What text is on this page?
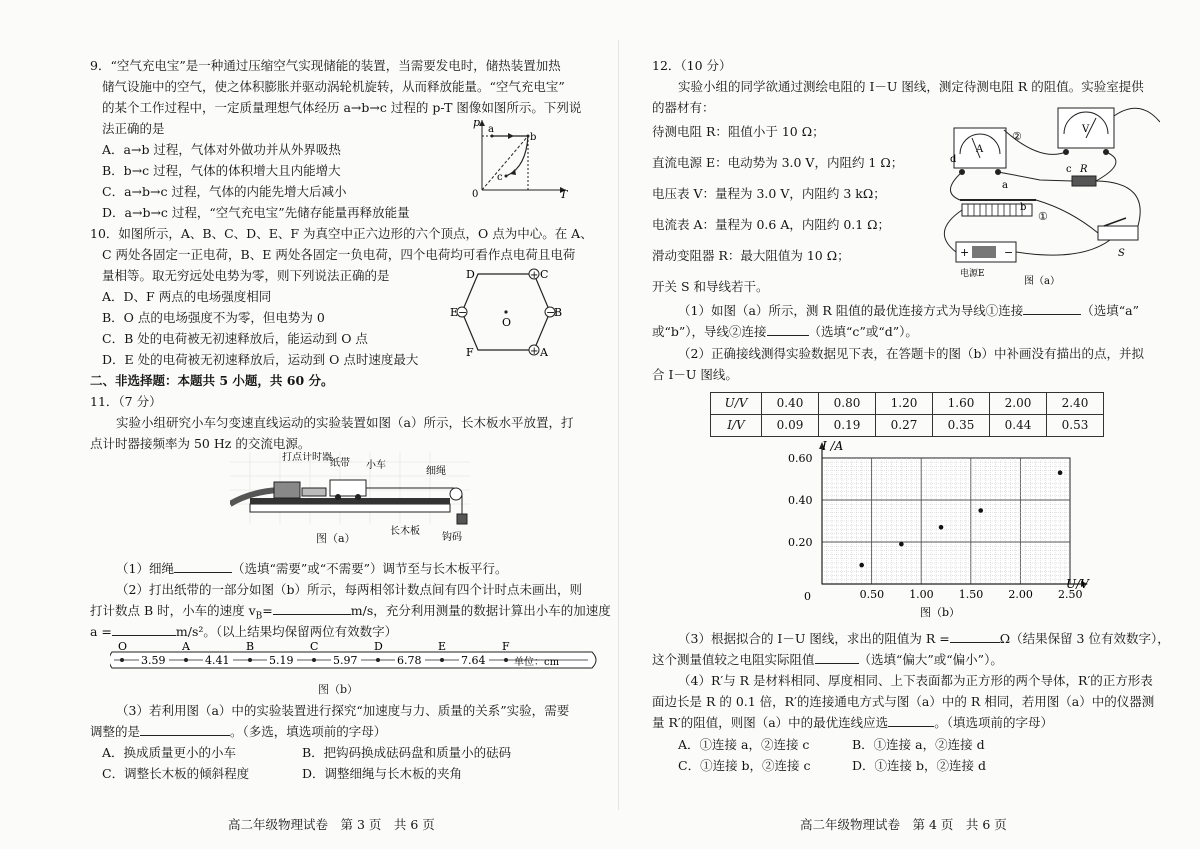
9．“空气充电宝”是一种通过压缩空气实现储能的装置，当需要发电时，储热装置加热
储气设施中的空气，使之体积膨胀并驱动涡轮机旋转，从而释放能量。“空气充电宝”
的某个工作过程中，一定质量理想气体经历 a→b→c 过程的 p-T 图像如图所示。下列说
法正确的是
A．a→b 过程，气体对外做功并从外界吸热
B．b→c 过程，气体的体积增大且内能增大
C．a→b→c 过程，气体的内能先增大后减小
D．a→b→c 过程，“空气充电宝”先储存能量再释放能量
p
T
0
a
b
c
10．如图所示，A、B、C、D、E、F 为真空中正六边形的六个顶点，O 点为中心。在 A、
C 两处各固定一正电荷，B、E 两处各固定一负电荷，四个电荷均可看作点电荷且电荷
量相等。取无穷远处电势为零，则下列说法正确的是
A．D、F 两点的电场强度相同
B．O 点的电场强度不为零，但电势为 0
C．B 处的电荷被无初速释放后，能运动到 O 点
D．E 处的电荷被无初速释放后，运动到 O 点时速度最大
+
−
+
−
D	C
E	B
F	A
O
二、非选择题：本题共 5 小题，共 60 分。
11．（7 分）
实验小组研究小车匀变速直线运动的实验装置如图（a）所示，长木板水平放置，打
点计时器接频率为 50 Hz 的交流电源。
打点计时器
纸带 小车
细绳
长木板
钩码
图（a）
（1）细绳	（选填“需要”或“不需要”）调节至与长木板平行。
（2）打出纸带的一部分如图（b）所示，每两相邻计数点间有四个计时点未画出，则
打计数点 B 时，小车的速度 $v_B=$	m/s，充分利用测量的数据计算出小车的加速度
a =	m/s²。（以上结果均保留两位有效数字）
O	A	B	C	D	E	F
3.59	4.41	5.19	5.97	6.78	7.64	单位：cm
图（b）
（3）若利用图（a）中的实验装置进行探究“加速度与力、质量的关系”实验，需要
调整的是	。（多选，填选项前的字母）
A．换成质量更小的小车	B．把钩码换成砝码盘和质量小的砝码
C．调整长木板的倾斜程度	D．调整细绳与长木板的夹角
高二年级物理试卷　第 3 页　共 6 页
12．（10 分）
实验小组的同学欲通过测绘电阻的 I－U 图线，测定待测电阻 R 的阻值。实验室提供
的器材有：
待测电阻 R：阻值小于 10 Ω；
直流电源 E：电动势为 3.0 V，内阻约 1 Ω；
电压表 V：量程为 3.0 V，内阻约 3 kΩ；
电流表 A：量程为 0.6 A，内阻约 0.1 Ω；
滑动变阻器 R：最大阻值为 10 Ω；
开关 S 和导线若干。
A
V
R
+	−
电源E
S
d
a
b
c
①
②
图（a）
（1）如图（a）所示，测 R 阻值的最优连接方式为导线①连接	（选填“a”
或“b”），导线②连接	（选填“c”或“d”）。
（2）正确接线测得实验数据见下表，在答题卡的图（b）中补画没有描出的点，并拟
合 I－U 图线。
U/V	0.40	0.80	1.20	1.60	2.00	2.40
I/V	0.09	0.19	0.27	0.35	0.44	0.53
0.50 1.00 1.50 2.00 2.50
0.20
0.40
0.60
I /A
U/V
0
图（b）
（3）根据拟合的 I－U 图线，求出的阻值为 R =	Ω（结果保留 3 位有效数字），
这个测量值较之电阻实际阻值	（选填“偏大”或“偏小”）。
（4）R′与 R 是材料相同、厚度相同、上下表面都为正方形的两个导体，R′的正方形表
面边长是 R 的 0.1 倍，R′的连接通电方式与图（a）中的 R 相同，若用图（a）中的仪器测
量 R′的阻值，则图（a）中的最优连线应选	。（填选项前的字母）
A．①连接 a，②连接 c	B．①连接 a，②连接 d
C．①连接 b，②连接 c	D．①连接 b，②连接 d
高二年级物理试卷　第 4 页　共 6 页
